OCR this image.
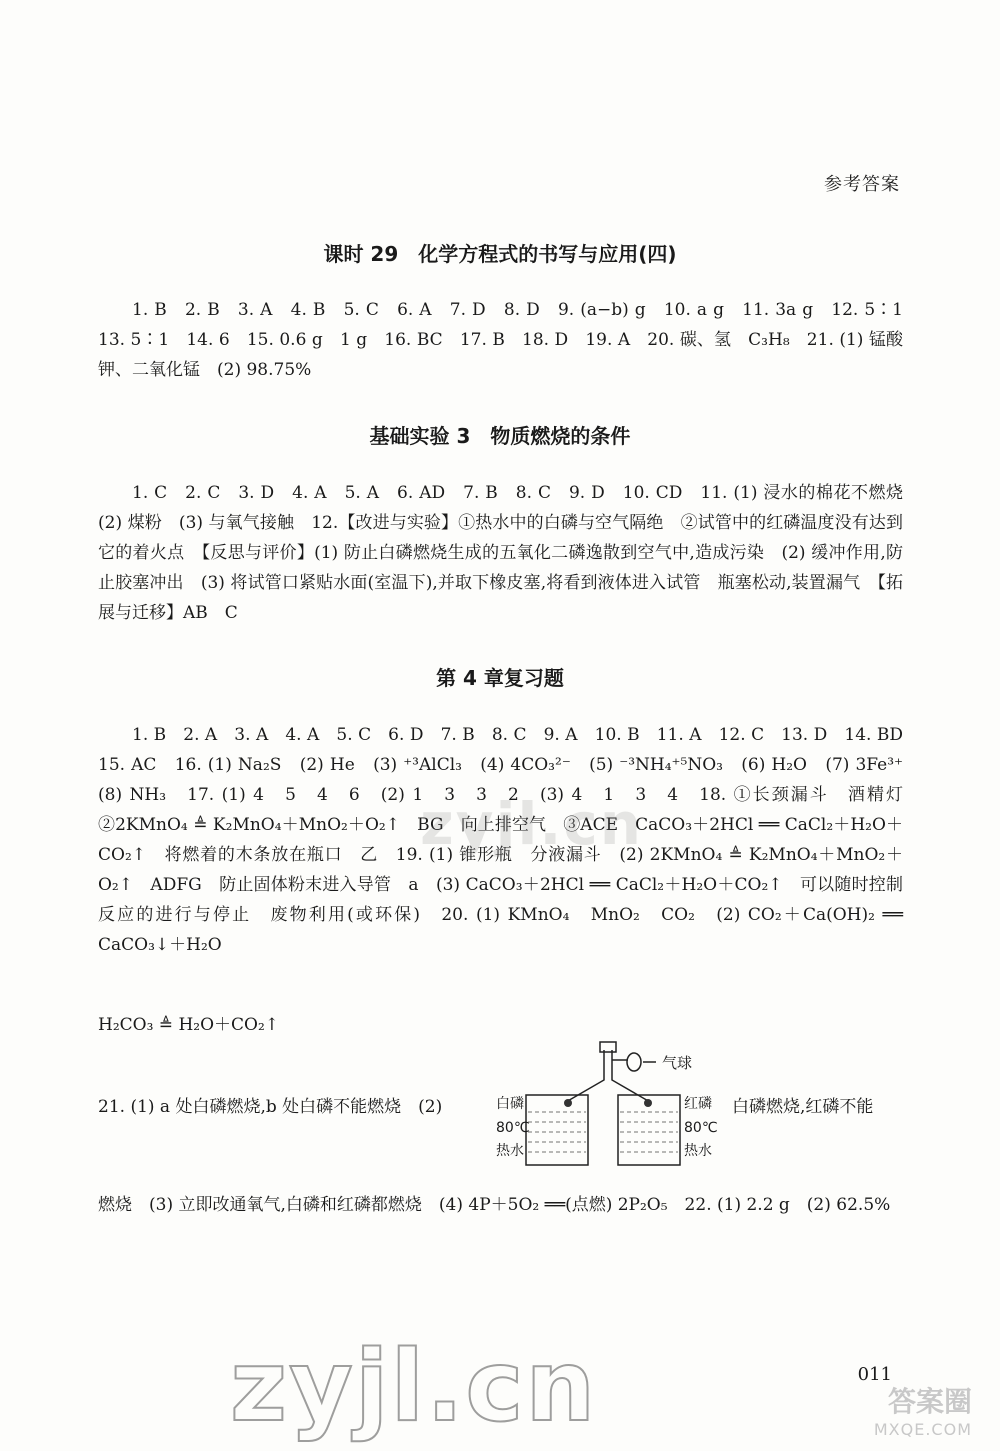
参考答案
课时 29　化学方程式的书写与应用(四)
1. B　2. B　3. A　4. B　5. C　6. A　7. D　8. D　9. (a−b) g　10. a g　11. 3a g　12. 5∶1　13. 5∶1　14. 6　15. 0.6 g　1 g　16. BC　17. B　18. D　19. A　20. 碳、氢　C₃H₈　21. (1) 锰酸钾、二氧化锰　(2) 98.75%
基础实验 3　物质燃烧的条件
1. C　2. C　3. D　4. A　5. A　6. AD　7. B　8. C　9. D　10. CD　11. (1) 浸水的棉花不燃烧　(2) 煤粉　(3) 与氧气接触　12.【改进与实验】①热水中的白磷与空气隔绝　②试管中的红磷温度没有达到它的着火点　【反思与评价】(1) 防止白磷燃烧生成的五氧化二磷逸散到空气中,造成污染　(2) 缓冲作用,防止胶塞冲出　(3) 将试管口紧贴水面(室温下),并取下橡皮塞,将看到液体进入试管　瓶塞松动,装置漏气　【拓展与迁移】AB　C
第 4 章复习题
1. B　2. A　3. A　4. A　5. C　6. D　7. B　8. C　9. A　10. B　11. A　12. C　13. D　14. BD　15. AC　16. (1) Na₂S　(2) He　(3) ⁺³AlCl₃　(4) 4CO₃²⁻　(5) ⁻³NH₄⁺⁵NO₃　(6) H₂O　(7) 3Fe³⁺　(8) NH₃　17. (1) 4　5　4　6　(2) 1　3　3　2　(3) 4　1　3　4　18. ①长颈漏斗　酒精灯　②2KMnO₄ ≜ K₂MnO₄＋MnO₂＋O₂↑　BG　向上排空气　③ACE　CaCO₃＋2HCl ══ CaCl₂＋H₂O＋CO₂↑　将燃着的木条放在瓶口　乙　19. (1) 锥形瓶　分液漏斗　(2) 2KMnO₄ ≜ K₂MnO₄＋MnO₂＋O₂↑　ADFG　防止固体粉末进入导管　a　(3) CaCO₃＋2HCl ══ CaCl₂＋H₂O＋CO₂↑　可以随时控制反应的进行与停止　废物利用(或环保)　20. (1) KMnO₄　MnO₂　CO₂　(2) CO₂＋Ca(OH)₂ ══ CaCO₃↓＋H₂O
H₂CO₃ ≜ H₂O＋CO₂↑
21. (1) a 处白磷燃烧,b 处白磷不能燃烧　(2)
气球
白磷
80℃
热水
红磷
80℃
热水
白磷燃烧,红磷不能
燃烧　(3) 立即改通氧气,白磷和红磷都燃烧　(4) 4P＋5O₂ ══(点燃) 2P₂O₅　22. (1) 2.2 g　(2) 62.5%
zyjl.cn
zyjl.cn	011
答案圈
MXQE.COM
